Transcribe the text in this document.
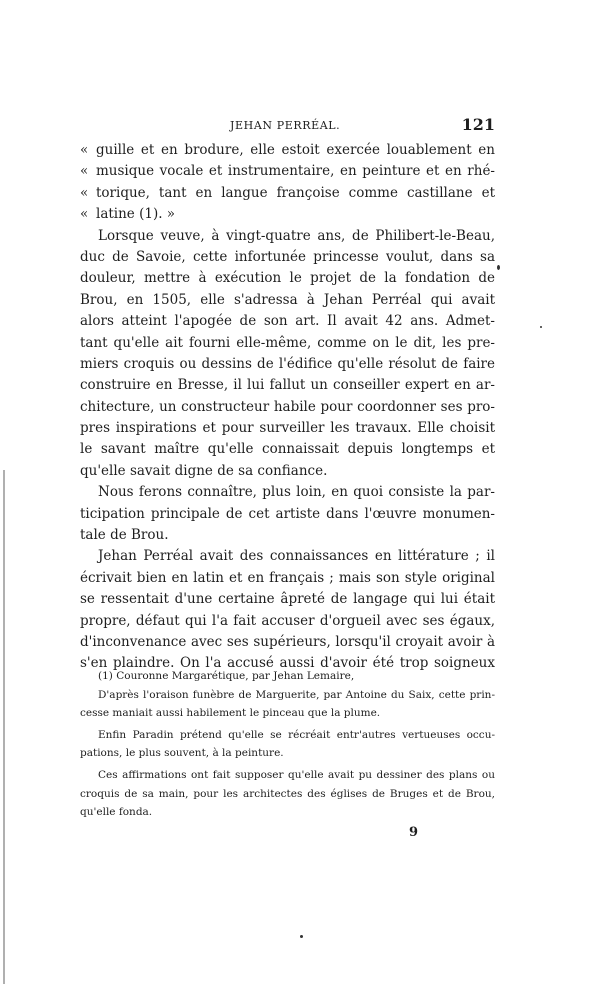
JEHAN PERRÉAL.	121
« guille et en brodure, elle estoit exercée louablement en
« musique vocale et instrumentaire, en peinture et en rhé-
« torique, tant en langue françoise comme castillane et
« latine (1). »
Lorsque veuve, à vingt-quatre ans, de Philibert-le-Beau,
duc de Savoie, cette infortunée princesse voulut, dans sa
douleur, mettre à exécution le projet de la fondation de
Brou, en 1505, elle s'adressa à Jehan Perréal qui avait
alors atteint l'apogée de son art. Il avait 42 ans. Admet-
tant qu'elle ait fourni elle-même, comme on le dit, les pre-
miers croquis ou dessins de l'édifice qu'elle résolut de faire
construire en Bresse, il lui fallut un conseiller expert en ar-
chitecture, un constructeur habile pour coordonner ses pro-
pres inspirations et pour surveiller les travaux. Elle choisit
le savant maître qu'elle connaissait depuis longtemps et
qu'elle savait digne de sa confiance.
Nous ferons connaître, plus loin, en quoi consiste la par-
ticipation principale de cet artiste dans l'œuvre monumen-
tale de Brou.
Jehan Perréal avait des connaissances en littérature ; il
écrivait bien en latin et en français ; mais son style original
se ressentait d'une certaine âpreté de langage qui lui était
propre, défaut qui l'a fait accuser d'orgueil avec ses égaux,
d'inconvenance avec ses supérieurs, lorsqu'il croyait avoir à
s'en plaindre. On l'a accusé aussi d'avoir été trop soigneux
(1) Couronne Margarétique, par Jehan Lemaire,
D'après l'oraison funèbre de Marguerite, par Antoine du Saix, cette prin-
cesse maniait aussi habilement le pinceau que la plume.
Enfin Paradin prétend qu'elle se récréait entr'autres vertueuses occu-
pations, le plus souvent, à la peinture.
Ces affirmations ont fait supposer qu'elle avait pu dessiner des plans ou
croquis de sa main, pour les architectes des églises de Bruges et de Brou,
qu'elle fonda.
9
